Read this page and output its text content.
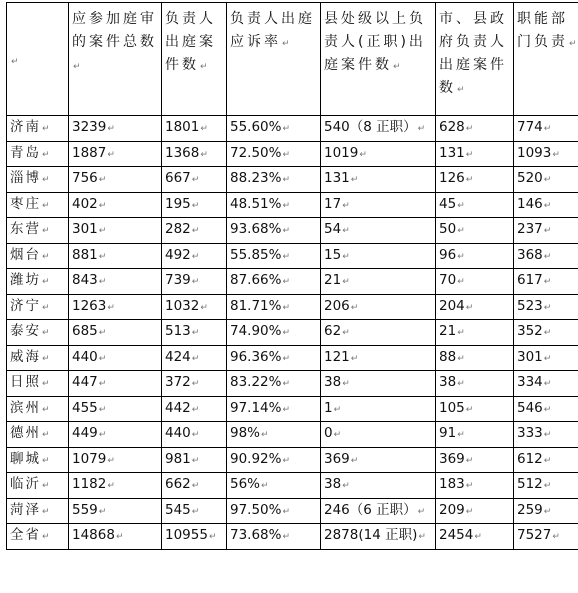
↵	应参加庭审的案件总数↵	负责人出庭案件数↵	负责人出庭应诉率↵	县处级以上负责人(正职)出庭案件数↵	市、县政府负责人出庭案件数↵	职能部门负责↵
济南↵	3239↵	1801↵	55.60%↵	540（8 正职）↵	628↵	774↵
青岛↵	1887↵	1368↵	72.50%↵	1019↵	131↵	1093↵
淄博↵	756↵	667↵	88.23%↵	131↵	126↵	520↵
枣庄↵	402↵	195↵	48.51%↵	17↵	45↵	146↵
东营↵	301↵	282↵	93.68%↵	54↵	50↵	237↵
烟台↵	881↵	492↵	55.85%↵	15↵	96↵	368↵
潍坊↵	843↵	739↵	87.66%↵	21↵	70↵	617↵
济宁↵	1263↵	1032↵	81.71%↵	206↵	204↵	523↵
泰安↵	685↵	513↵	74.90%↵	62↵	21↵	352↵
威海↵	440↵	424↵	96.36%↵	121↵	88↵	301↵
日照↵	447↵	372↵	83.22%↵	38↵	38↵	334↵
滨州↵	455↵	442↵	97.14%↵	1↵	105↵	546↵
德州↵	449↵	440↵	98%↵	0↵	91↵	333↵
聊城↵	1079↵	981↵	90.92%↵	369↵	369↵	612↵
临沂↵	1182↵	662↵	56%↵	38↵	183↵	512↵
菏泽↵	559↵	545↵	97.50%↵	246（6 正职）↵	209↵	259↵
全省↵	14868↵	10955↵	73.68%↵	2878(14 正职)↵	2454↵	7527↵
